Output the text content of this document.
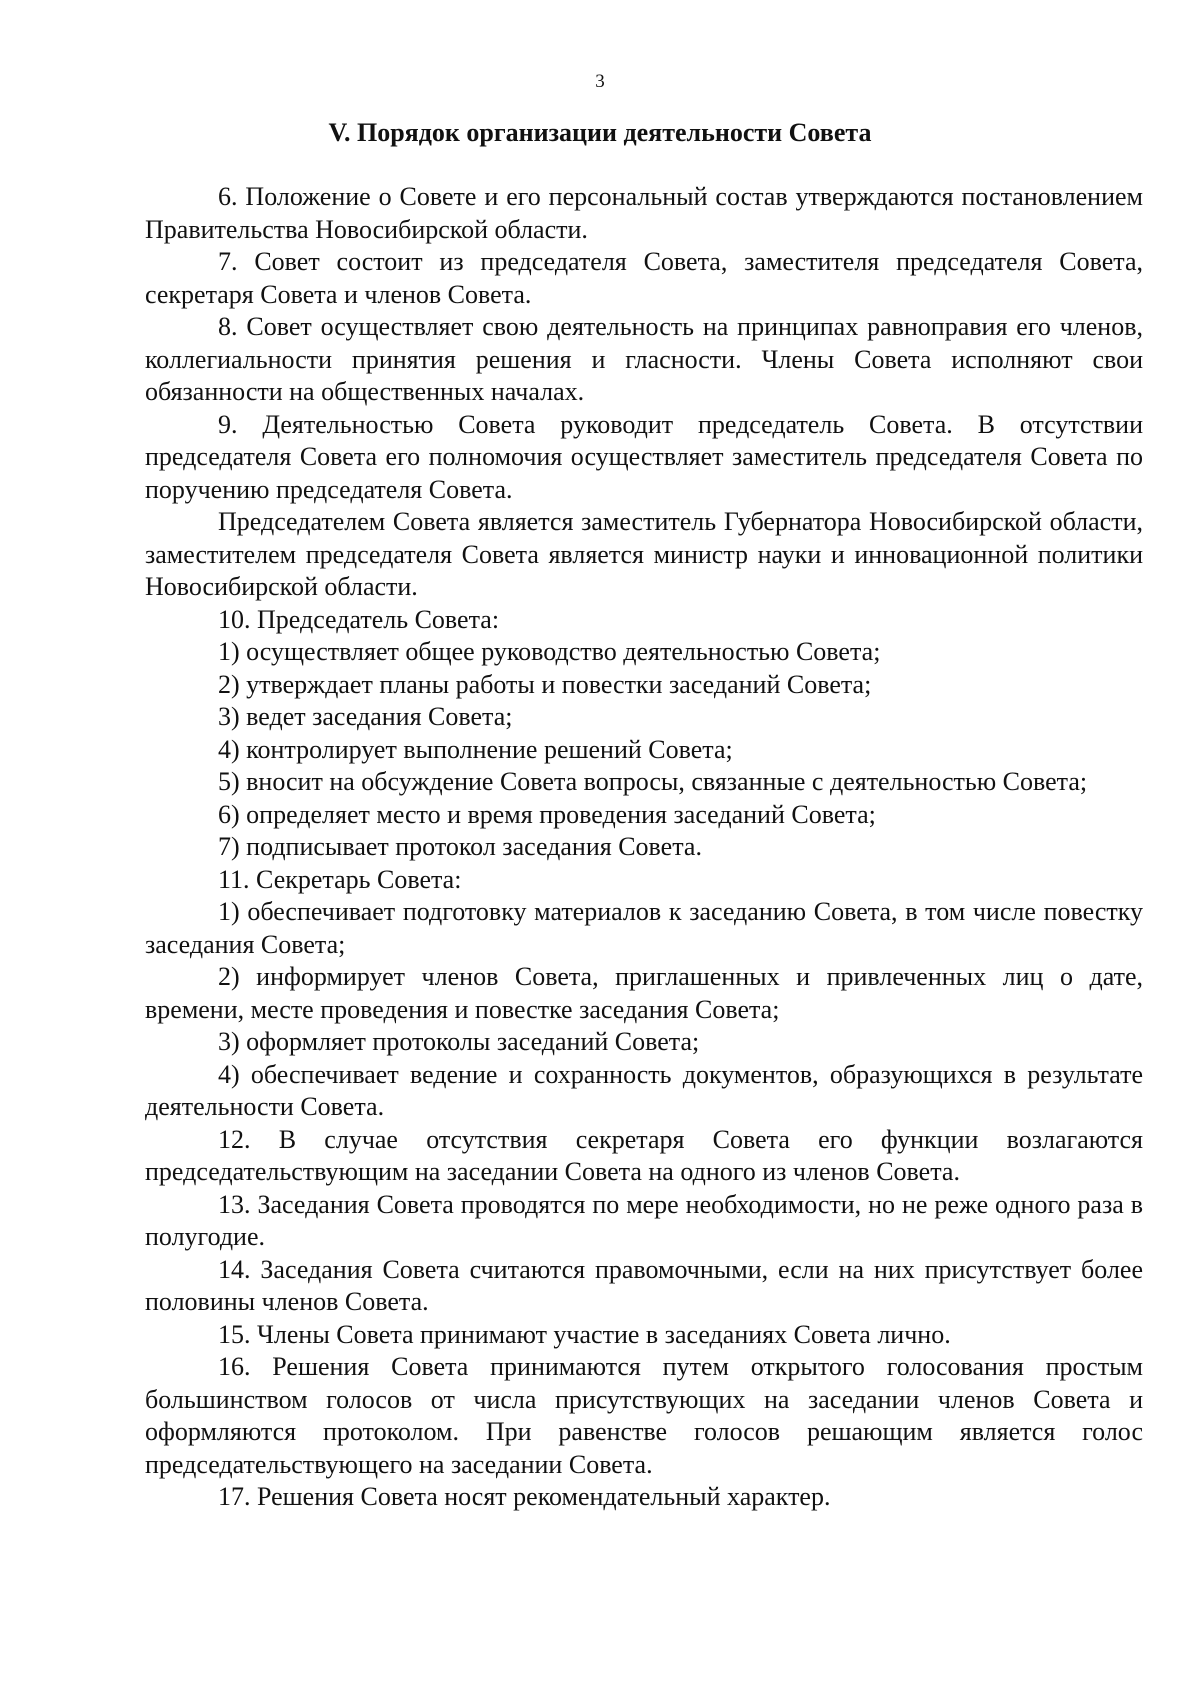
3
V. Порядок организации деятельности Совета

6. Положение о Совете и его персональный состав утверждаются постановлением Правительства Новосибирской области.

7. Совет состоит из председателя Совета, заместителя председателя Совета, секретаря Совета и членов Совета.

8. Совет осуществляет свою деятельность на принципах равноправия его членов, коллегиальности принятия решения и гласности. Члены Совета исполняют свои обязанности на общественных началах.

9. Деятельностью Совета руководит председатель Совета. В отсутствии председателя Совета его полномочия осуществляет заместитель председателя Совета по поручению председателя Совета.

Председателем Совета является заместитель Губернатора Новосибирской области, заместителем председателя Совета является министр науки и инновационной политики Новосибирской области.

10. Председатель Совета:

1) осуществляет общее руководство деятельностью Совета;

2) утверждает планы работы и повестки заседаний Совета;

3) ведет заседания Совета;

4) контролирует выполнение решений Совета;

5) вносит на обсуждение Совета вопросы, связанные с деятельностью Совета;

6) определяет место и время проведения заседаний Совета;

7) подписывает протокол заседания Совета.

11. Секретарь Совета:

1) обеспечивает подготовку материалов к заседанию Совета, в том числе повестку заседания Совета;

2) информирует членов Совета, приглашенных и привлеченных лиц о дате, времени, месте проведения и повестке заседания Совета;

3) оформляет протоколы заседаний Совета;

4) обеспечивает ведение и сохранность документов, образующихся в результате деятельности Совета.

12. В случае отсутствия секретаря Совета его функции возлагаются председательствующим на заседании Совета на одного из членов Совета.

13. Заседания Совета проводятся по мере необходимости, но не реже одного раза в полугодие.

14. Заседания Совета считаются правомочными, если на них присутствует более половины членов Совета.

15. Члены Совета принимают участие в заседаниях Совета лично.

16. Решения Совета принимаются путем открытого голосования простым большинством голосов от числа присутствующих на заседании членов Совета и оформляются протоколом. При равенстве голосов решающим является голос председательствующего на заседании Совета.

17. Решения Совета носят рекомендательный характер.
